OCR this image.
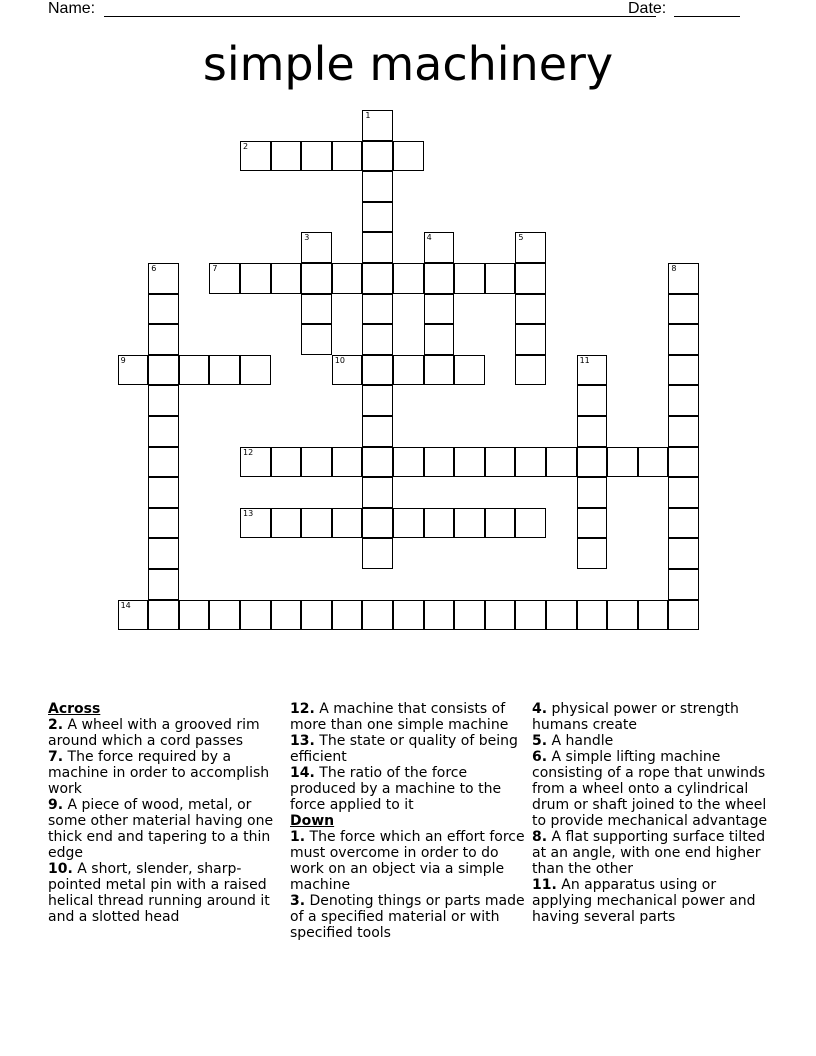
Name:	Date:
simple machinery
1
2
3	4	5
6	7	8
9	10	11
12
13
14

Across

2. A wheel with a grooved rim around which a cord passes

7. The force required by a machine in order to accomplish work

9. A piece of wood, metal, or some other material having one thick end and tapering to a thin edge

10. A short, slender, sharp-pointed metal pin with a raised helical thread running around it and a slotted head

12. A machine that consists of more than one simple machine

13. The state or quality of being efficient

14. The ratio of the force produced by a machine to the force applied to it

Down

1. The force which an effort force must overcome in order to do work on an object via a simple machine

3. Denoting things or parts made of a specified material or with specified tools

4. physical power or strength humans create

5. A handle

6. A simple lifting machine consisting of a rope that unwinds from a wheel onto a cylindrical drum or shaft joined to the wheel to provide mechanical advantage

8. A flat supporting surface tilted at an angle, with one end higher than the other

11. An apparatus using or applying mechanical power and having several parts
